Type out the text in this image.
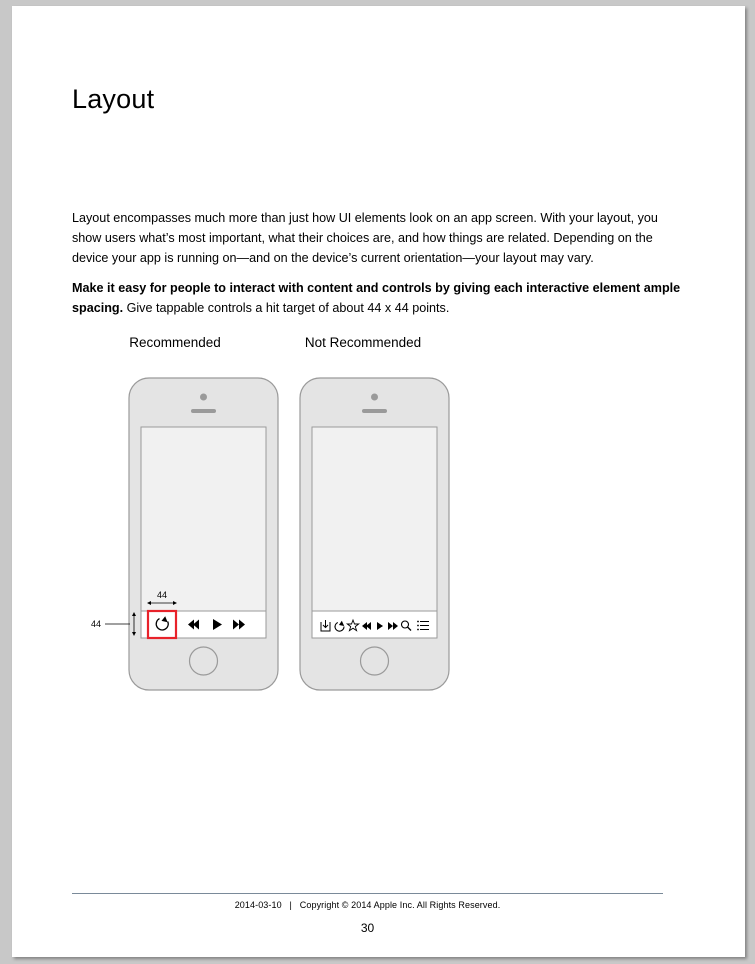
Layout

Layout encompasses much more than just how UI elements look on an app screen. With your layout, you show users what’s most important, what their choices are, and how things are related. Depending on the device your app is running on—and on the device’s current orientation—your layout may vary.

Make it easy for people to interact with content and controls by giving each interactive element ample spacing. Give tappable controls a hit target of about 44 x 44 points.

Recommended	Not Recommended
44
44
2014-03-10   |   Copyright © 2014 Apple Inc. All Rights Reserved.
30
